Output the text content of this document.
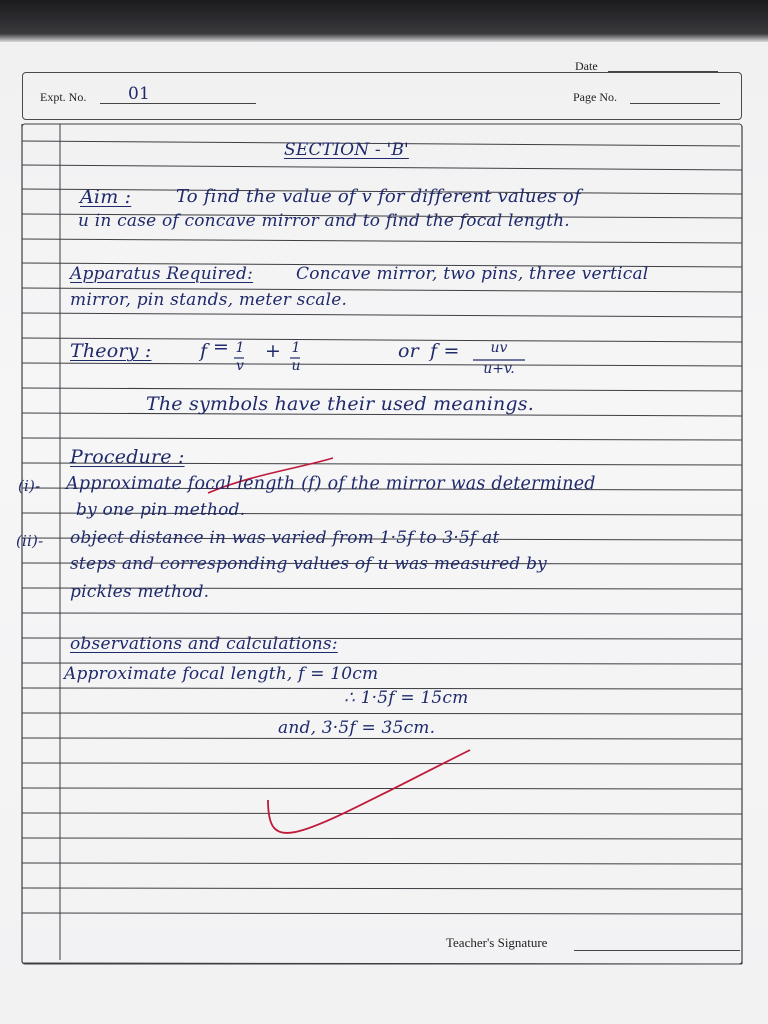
Date
Expt. No. 01	Page No.
SECTION - 'B'
Aim : To find the value of v for different values of
u in case of concave mirror and to find the focal length.
Apparatus Required:	Concave mirror, two pins, three vertical
mirror, pin stands, meter scale.
Theory :	f = 1
v
+ 1
u
or f =	uv
u+v.
The symbols have their used meanings.
Procedure :
(i)- Approximate focal length (f) of the mirror was determined
by one pin method.
(ii)- object distance in was varied from 1·5f to 3·5f at
steps and corresponding values of u was measured by
pickles method.
observations and calculations:
Approximate focal length, f = 10cm
∴ 1·5f = 15cm
and, 3·5f = 35cm.
Teacher's Signature
